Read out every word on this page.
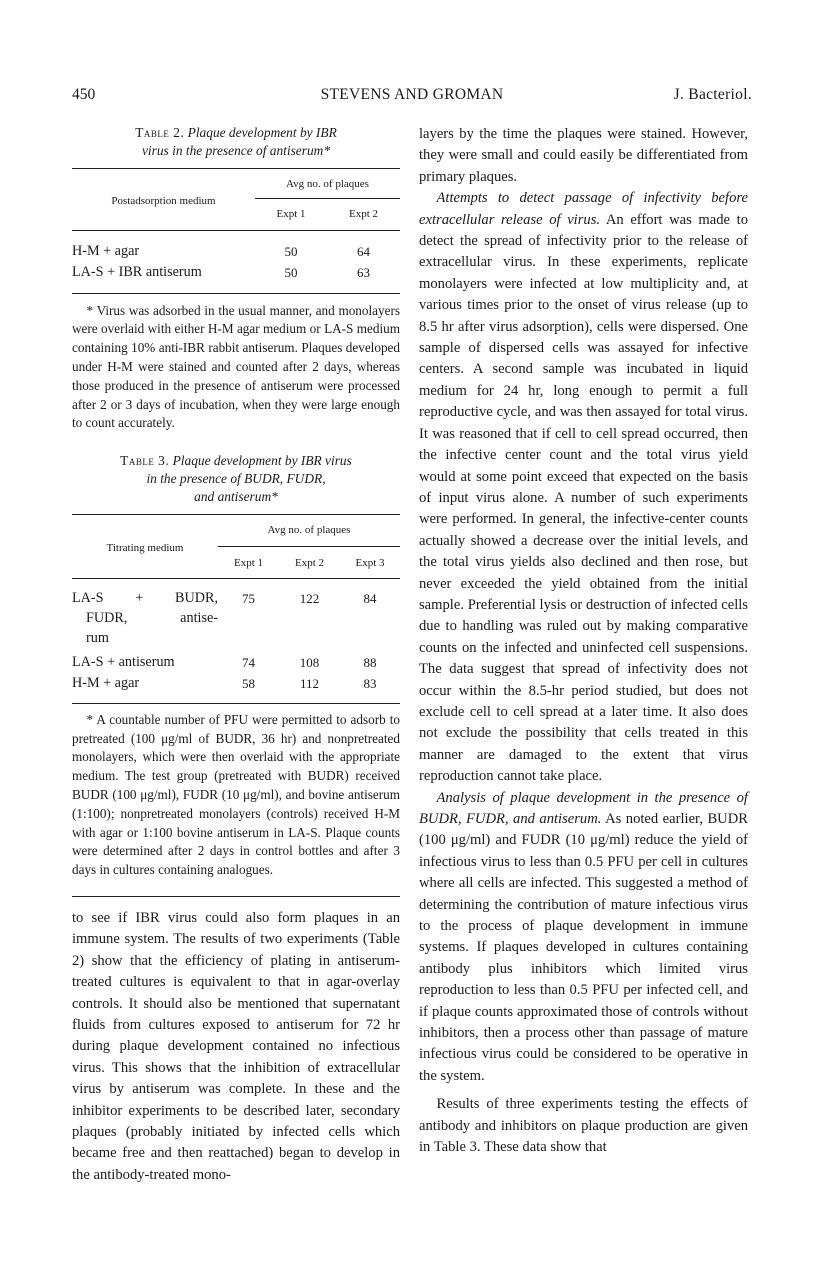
450	STEVENS AND GROMAN	J. Bacteriol.
Table 2. Plaque development by IBR
virus in the presence of antiserum*
Postadsorption medium	Avg no. of plaques	
	Expt 1	Expt 2
H-M + agar	50	64
LA-S + IBR antiserum	50	63

* Virus was adsorbed in the usual manner, and monolayers were overlaid with either H-M agar medium or LA-S medium containing 10% anti-IBR rabbit antiserum. Plaques developed under H-M were stained and counted after 2 days, whereas those produced in the presence of antiserum were processed after 2 or 3 days of incubation, when they were large enough to count accurately.

Table 3. Plaque development by IBR virus
in the presence of BUDR, FUDR,
and antiserum*
Titrating medium	Avg no. of plaques		
	Expt 1	Expt 2	Expt 3

LA-S + BUDR,
FUDR, antise-
rum	75	122	84
LA-S + antiserum	74	108	88
H-M + agar	58	112	83

* A countable number of PFU were permitted to adsorb to pretreated (100 μg/ml of BUDR, 36 hr) and nonpretreated monolayers, which were then overlaid with the appropriate medium. The test group (pretreated with BUDR) received BUDR (100 μg/ml), FUDR (10 μg/ml), and bovine antiserum (1:100); nonpretreated monolayers (controls) received H-M with agar or 1:100 bovine antiserum in LA-S. Plaque counts were determined after 2 days in control bottles and after 3 days in cultures containing analogues.

to see if IBR virus could also form plaques in an immune system. The results of two experiments (Table 2) show that the efficiency of plating in antiserum-treated cultures is equivalent to that in agar-overlay controls. It should also be mentioned that supernatant fluids from cultures exposed to antiserum for 72 hr during plaque development contained no infectious virus. This shows that the inhibition of extracellular virus by antiserum was complete. In these and the inhibitor experiments to be described later, secondary plaques (probably initiated by infected cells which became free and then reattached) began to develop in the antibody-treated mono-

layers by the time the plaques were stained. However, they were small and could easily be differentiated from primary plaques.

Attempts to detect passage of infectivity before extracellular release of virus. An effort was made to detect the spread of infectivity prior to the release of extracellular virus. In these experiments, replicate monolayers were infected at low multiplicity and, at various times prior to the onset of virus release (up to 8.5 hr after virus adsorption), cells were dispersed. One sample of dispersed cells was assayed for infective centers. A second sample was incubated in liquid medium for 24 hr, long enough to permit a full reproductive cycle, and was then assayed for total virus. It was reasoned that if cell to cell spread occurred, then the infective center count and the total virus yield would at some point exceed that expected on the basis of input virus alone. A number of such experiments were performed. In general, the infective-center counts actually showed a decrease over the initial levels, and the total virus yields also declined and then rose, but never exceeded the yield obtained from the initial sample. Preferential lysis or destruction of infected cells due to handling was ruled out by making comparative counts on the infected and uninfected cell suspensions. The data suggest that spread of infectivity does not occur within the 8.5-hr period studied, but does not exclude cell to cell spread at a later time. It also does not exclude the possibility that cells treated in this manner are damaged to the extent that virus reproduction cannot take place.

Analysis of plaque development in the presence of BUDR, FUDR, and antiserum. As noted earlier, BUDR (100 μg/ml) and FUDR (10 μg/ml) reduce the yield of infectious virus to less than 0.5 PFU per cell in cultures where all cells are infected. This suggested a method of determining the contribution of mature infectious virus to the process of plaque development in immune systems. If plaques developed in cultures containing antibody plus inhibitors which limited virus reproduction to less than 0.5 PFU per infected cell, and if plaque counts approximated those of controls without inhibitors, then a process other than passage of mature infectious virus could be considered to be operative in the system.

Results of three experiments testing the effects of antibody and inhibitors on plaque production are given in Table 3. These data show that
